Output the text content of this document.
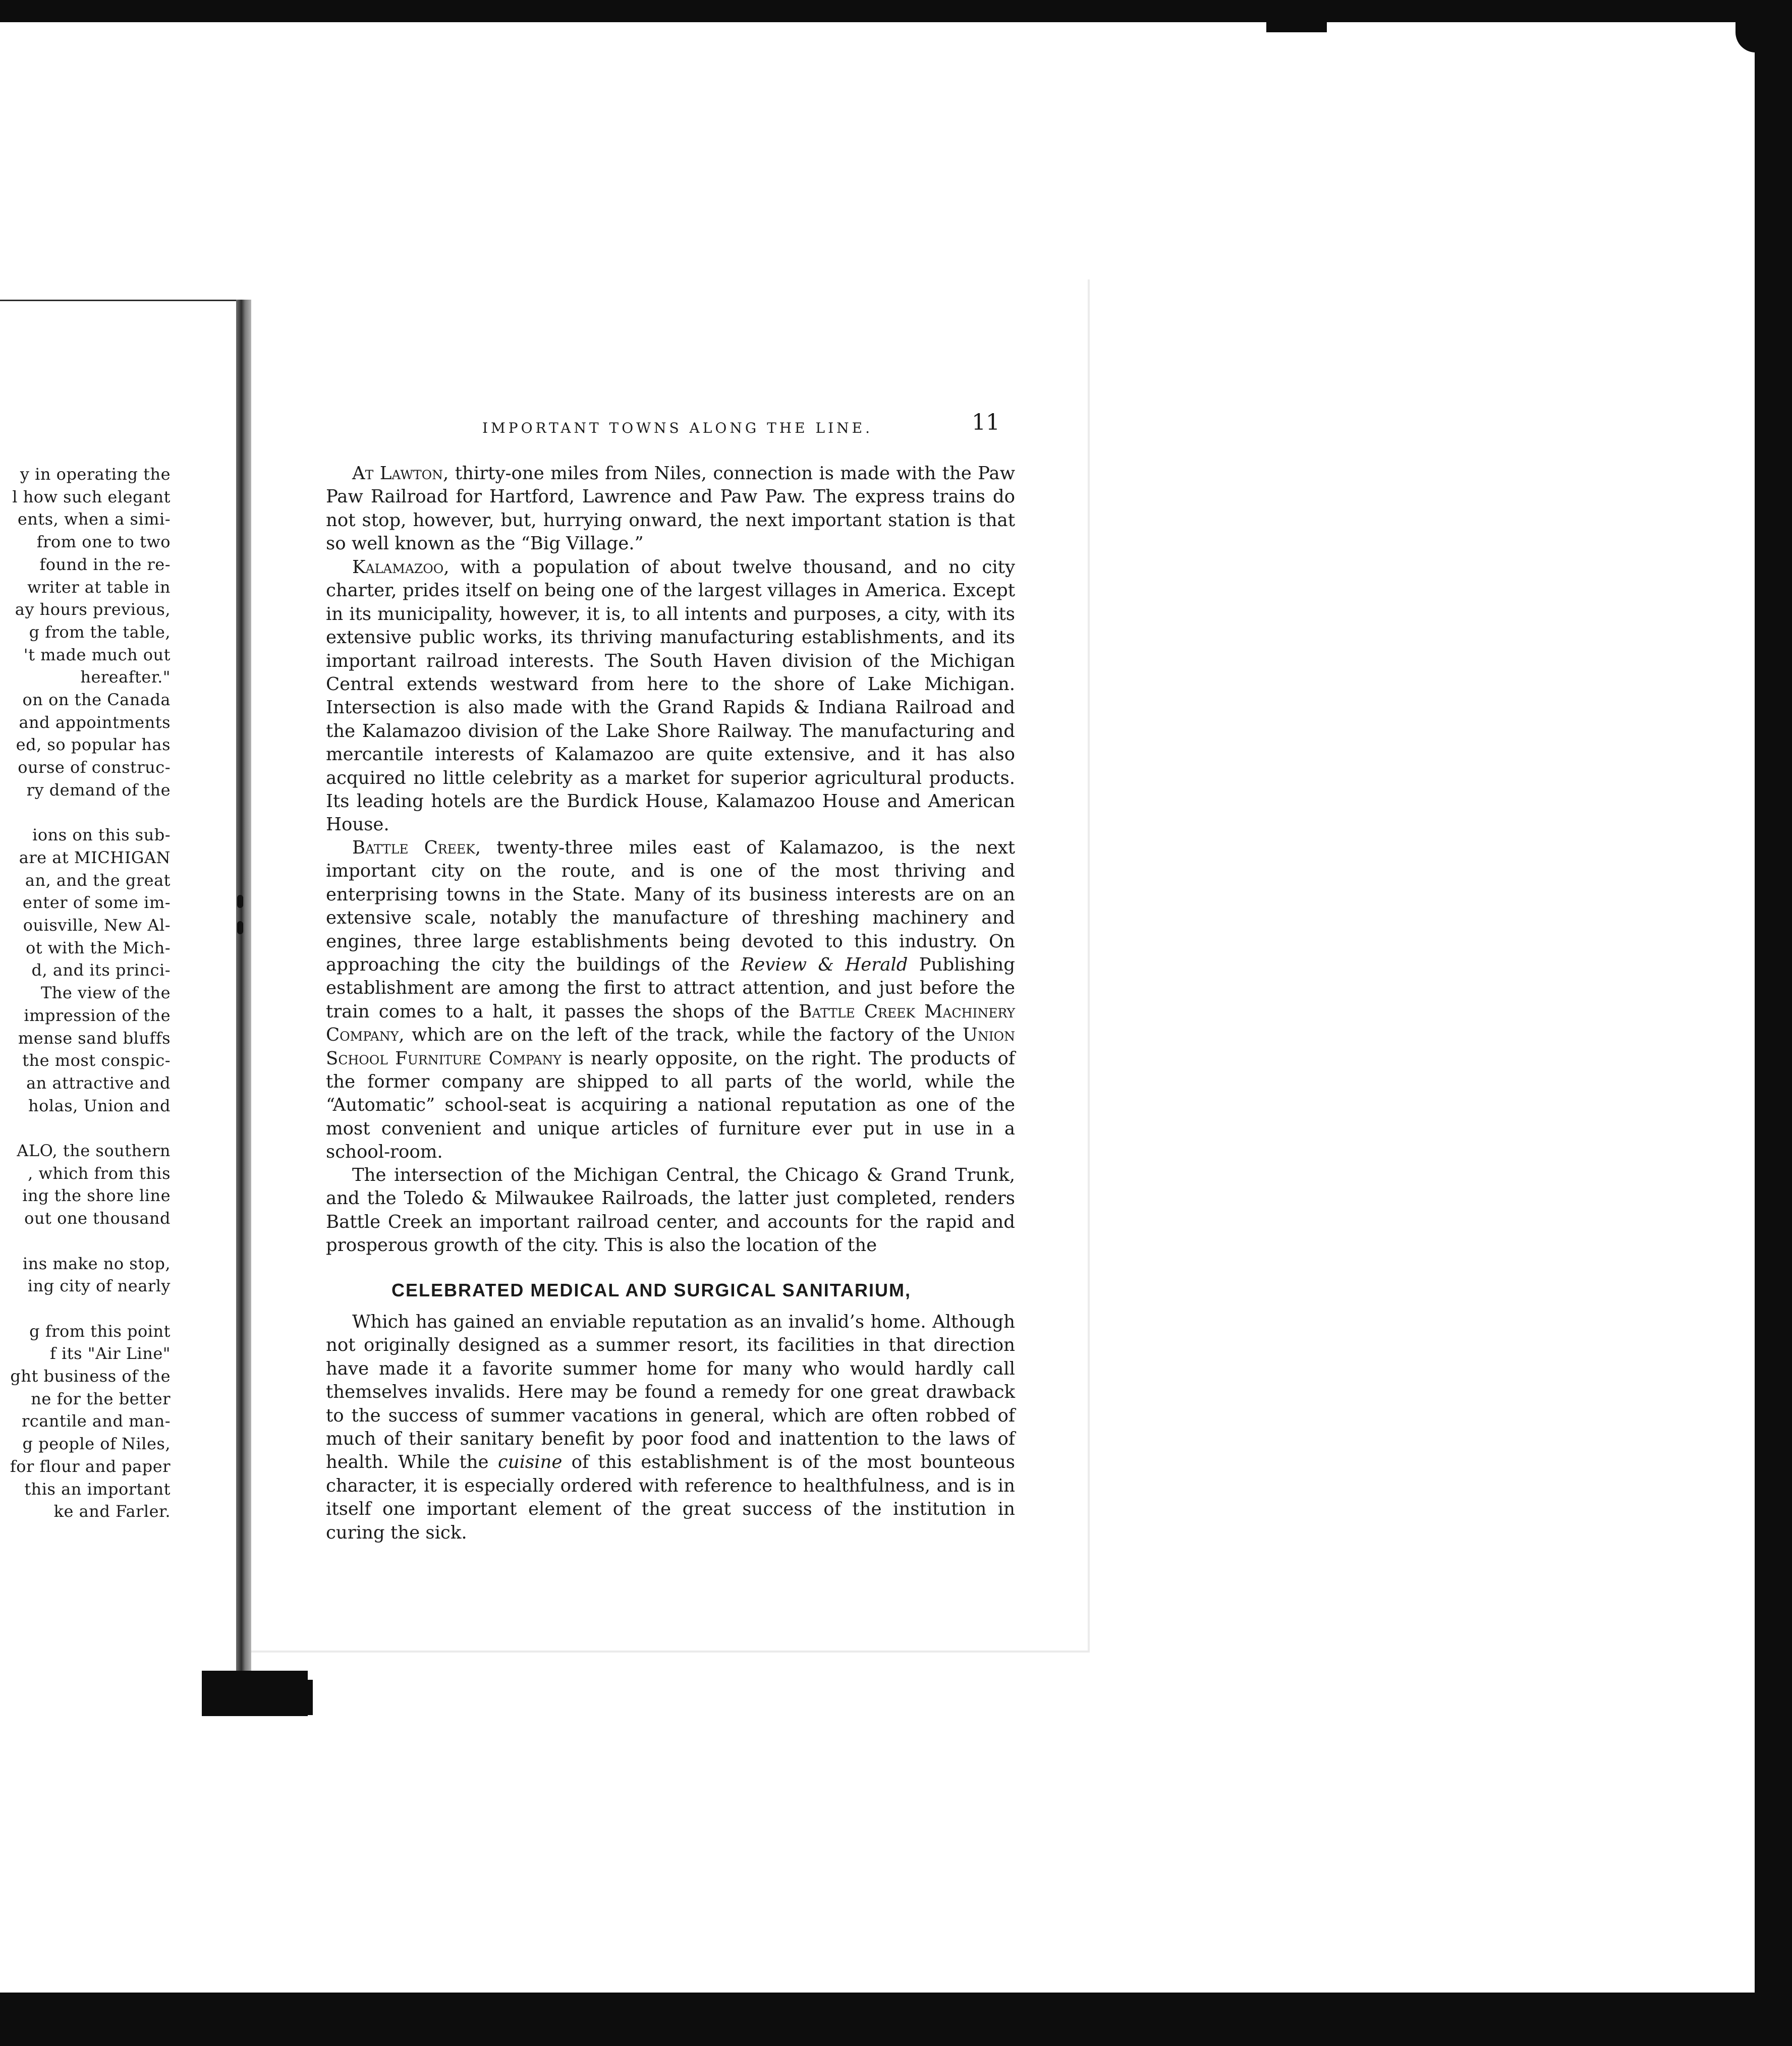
y in operating the

l how such elegant

ents, when a simi-

from one to two

found in the re-

writer at table in

ay hours previous,

g from the table,

't made much out

hereafter."

on on the Canada

and appointments

ed, so popular has

ourse of construc-

ry demand of the

ions on this sub-

are at MICHIGAN

an, and the great

enter of some im-

ouisville, New Al-

ot with the Mich-

d, and its princi-

The view of the

impression of the

mense sand bluffs

the most conspic-

an attractive and

holas, Union and

ALO, the southern

, which from this

ing the shore line

out one thousand

ins make no stop,

ing city of nearly

g from this point

f its "Air Line"

ght business of the

ne for the better

rcantile and man-

g people of Niles,

for flour and paper

this an important

ke and Farler.

IMPORTANT TOWNS ALONG THE LINE.	11

At Lawton, thirty-one miles from Niles, connection is made with the Paw Paw Railroad for Hartford, Lawrence and Paw Paw. The express trains do not stop, however, but, hurrying onward, the next important station is that so well known as the “Big Village.”

Kalamazoo, with a population of about twelve thousand, and no city charter, prides itself on being one of the largest villages in America. Except in its municipality, however, it is, to all intents and purposes, a city, with its extensive public works, its thriving manufacturing establishments, and its important railroad interests. The South Haven division of the Michigan Central extends westward from here to the shore of Lake Michigan. Intersection is also made with the Grand Rapids & Indiana Railroad and the Kalamazoo division of the Lake Shore Railway. The manufacturing and mercantile interests of Kalamazoo are quite extensive, and it has also acquired no little celebrity as a market for superior agricultural products. Its leading hotels are the Burdick House, Kalamazoo House and American House.

Battle Creek, twenty-three miles east of Kalamazoo, is the next important city on the route, and is one of the most thriving and enterprising towns in the State. Many of its business interests are on an extensive scale, notably the manufacture of threshing machinery and engines, three large establishments being devoted to this industry. On approaching the city the buildings of the Review & Herald Publishing establishment are among the first to attract attention, and just before the train comes to a halt, it passes the shops of the Battle Creek Machinery Company, which are on the left of the track, while the factory of the Union School Furniture Company is nearly opposite, on the right. The products of the former company are shipped to all parts of the world, while the “Automatic” school-seat is acquiring a national reputation as one of the most convenient and unique articles of furniture ever put in use in a school-room.

The intersection of the Michigan Central, the Chicago & Grand Trunk, and the Toledo & Milwaukee Railroads, the latter just completed, renders Battle Creek an important railroad center, and accounts for the rapid and prosperous growth of the city. This is also the location of the

CELEBRATED MEDICAL AND SURGICAL SANITARIUM,

Which has gained an enviable reputation as an invalid’s home. Although not originally designed as a summer resort, its facilities in that direction have made it a favorite summer home for many who would hardly call themselves invalids. Here may be found a remedy for one great drawback to the success of summer vacations in general, which are often robbed of much of their sanitary benefit by poor food and inattention to the laws of health. While the cuisine of this establishment is of the most bounteous character, it is especially ordered with reference to healthfulness, and is in itself one important element of the great success of the institution in curing the sick.
